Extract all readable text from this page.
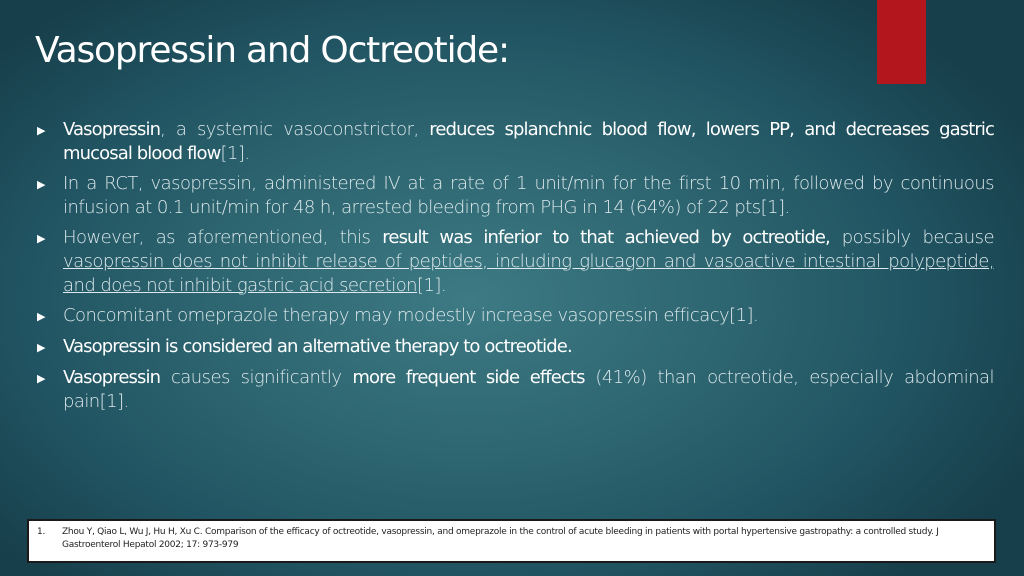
Vasopressin and Octreotide:
▶ Vasopressin, a systemic vasoconstrictor, reduces splanchnic blood flow, lowers PP, and decreases gastric mucosal blood flow[1].
▶ In a RCT, vasopressin, administered IV at a rate of 1 unit/min for the first 10 min, followed by continuous infusion at 0.1 unit/min for 48 h, arrested bleeding from PHG in 14 (64%) of 22 pts[1].
▶ However, as aforementioned, this result was inferior to that achieved by octreotide, possibly because vasopressin does not inhibit release of peptides, including glucagon and vasoactive intestinal polypeptide, and does not inhibit gastric acid secretion[1].
▶ Concomitant omeprazole therapy may modestly increase vasopressin efficacy[1].
▶ Vasopressin is considered an alternative therapy to octreotide.
▶ Vasopressin causes significantly more frequent side effects (41%) than octreotide, especially abdominal pain[1].
1.	Zhou Y, Qiao L, Wu J, Hu H, Xu C. Comparison of the efficacy of octreotide, vasopressin, and omeprazole in the control of acute bleeding in patients with portal hypertensive gastropathy: a controlled study. J Gastroenterol Hepatol 2002; 17: 973-979
